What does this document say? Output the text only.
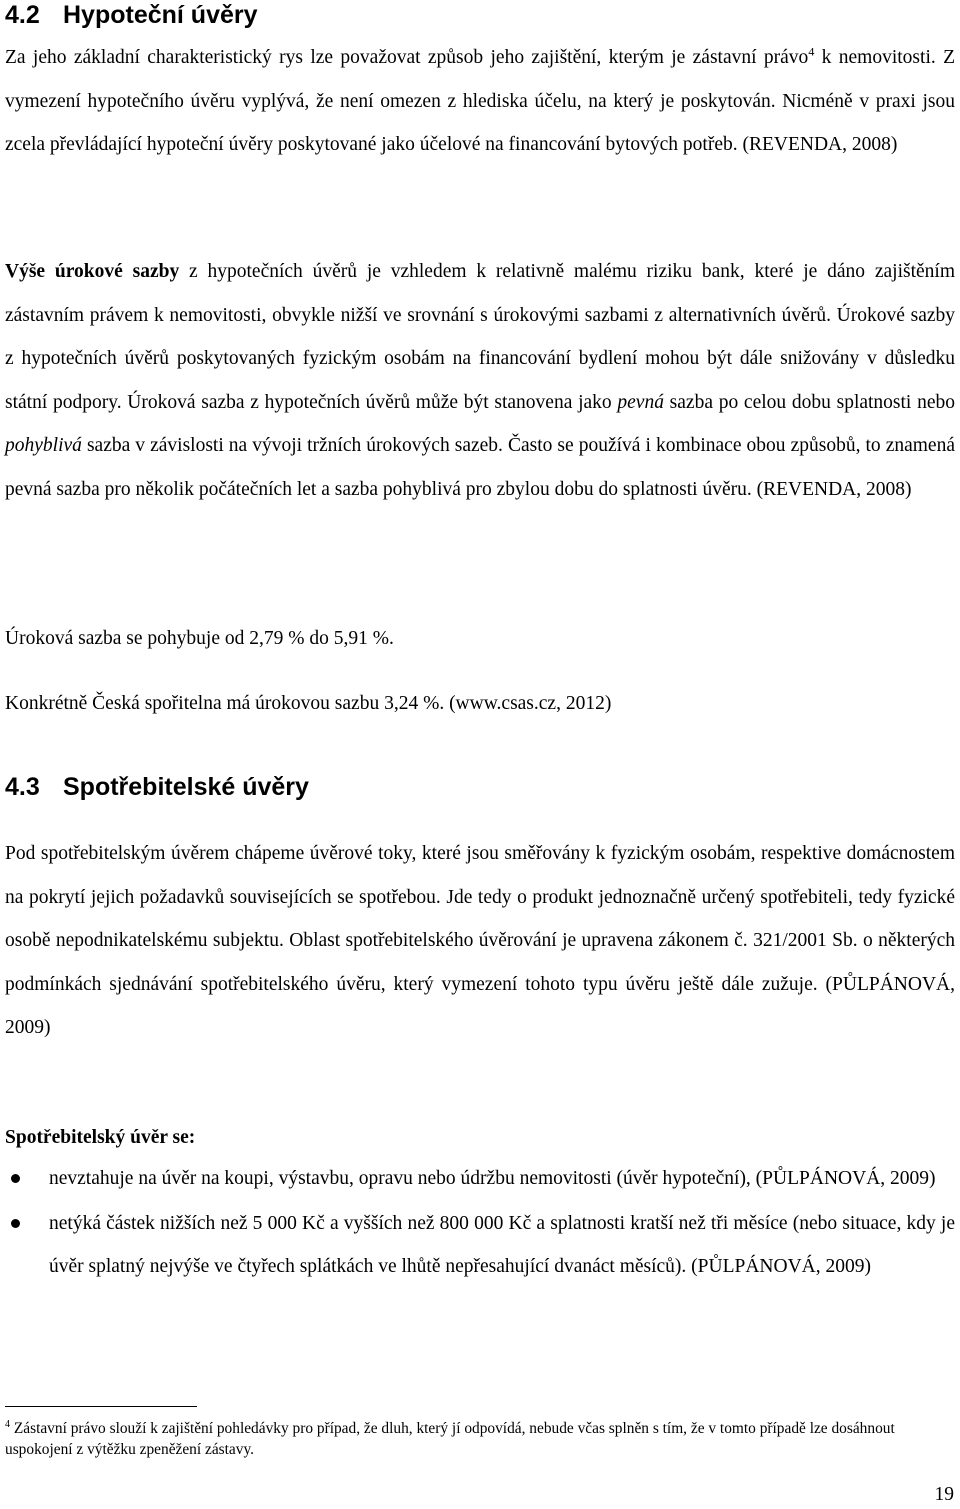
4.2 Hypoteční úvěry

Za jeho základní charakteristický rys lze považovat způsob jeho zajištění, kterým je zástavní právo$^4$ k nemovitosti. Z vymezení hypotečního úvěru vyplývá, že není omezen z hlediska účelu, na který je poskytován. Nicméně v praxi jsou zcela převládající hypoteční úvěry poskytované jako účelové na financování bytových potřeb. (REVENDA, 2008)

Výše úrokové sazby z hypotečních úvěrů je vzhledem k relativně malému riziku bank, které je dáno zajištěním zástavním právem k nemovitosti, obvykle nižší ve srovnání s úrokovými sazbami z alternativních úvěrů. Úrokové sazby z hypotečních úvěrů poskytovaných fyzickým osobám na financování bydlení mohou být dále snižovány v důsledku státní podpory. Úroková sazba z hypotečních úvěrů může být stanovena jako pevná sazba po celou dobu splatnosti nebo pohyblivá sazba v závislosti na vývoji tržních úrokových sazeb. Často se používá i kombinace obou způsobů, to znamená pevná sazba pro několik počátečních let a sazba pohyblivá pro zbylou dobu do splatnosti úvěru. (REVENDA, 2008)

Úroková sazba se pohybuje od 2,79 % do 5,91 %.

Konkrétně Česká spořitelna má úrokovou sazbu 3,24 %. (www.csas.cz, 2012)

4.3 Spotřebitelské úvěry

Pod spotřebitelským úvěrem chápeme úvěrové toky, které jsou směřovány k fyzickým osobám, respektive domácnostem na pokrytí jejich požadavků souvisejících se spotřebou. Jde tedy o produkt jednoznačně určený spotřebiteli, tedy fyzické osobě nepodnikatelskému subjektu. Oblast spotřebitelského úvěrování je upravena zákonem č. 321/2001 Sb. o některých podmínkách sjednávání spotřebitelského úvěru, který vymezení tohoto typu úvěru ještě dále zužuje. (PŮLPÁNOVÁ, 2009)

Spotřebitelský úvěr se:

nevztahuje na úvěr na koupi, výstavbu, opravu nebo údržbu nemovitosti (úvěr hypoteční), (PŮLPÁNOVÁ, 2009)
netýká částek nižších než 5 000 Kč a vyšších než 800 000 Kč a splatnosti kratší než tři měsíce (nebo situace, kdy je úvěr splatný nejvýše ve čtyřech splátkách ve lhůtě nepřesahující dvanáct měsíců). (PŮLPÁNOVÁ, 2009)

$^4$ Zástavní právo slouží k zajištění pohledávky pro případ, že dluh, který jí odpovídá, nebude včas splněn s tím, že v tomto případě lze dosáhnout uspokojení z výtěžku zpeněžení zástavy.

19
